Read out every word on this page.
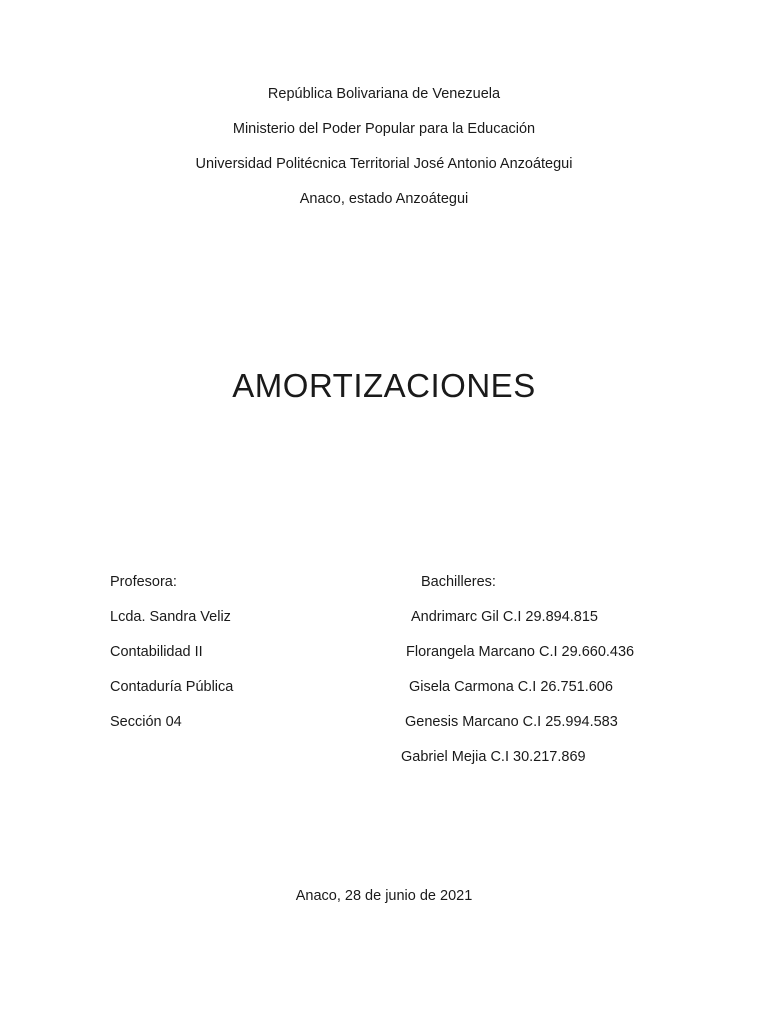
República Bolivariana de Venezuela
Ministerio del Poder Popular para la Educación
Universidad Politécnica Territorial José Antonio Anzoátegui
Anaco, estado Anzoátegui
AMORTIZACIONES
Profesora:
Lcda. Sandra Veliz
Contabilidad II
Contaduría Pública
Sección 04
Bachilleres:
Andrimarc Gil C.I 29.894.815
Florangela Marcano C.I 29.660.436
Gisela Carmona C.I 26.751.606
Genesis Marcano C.I 25.994.583
Gabriel Mejia C.I 30.217.869
Anaco, 28 de junio de 2021
